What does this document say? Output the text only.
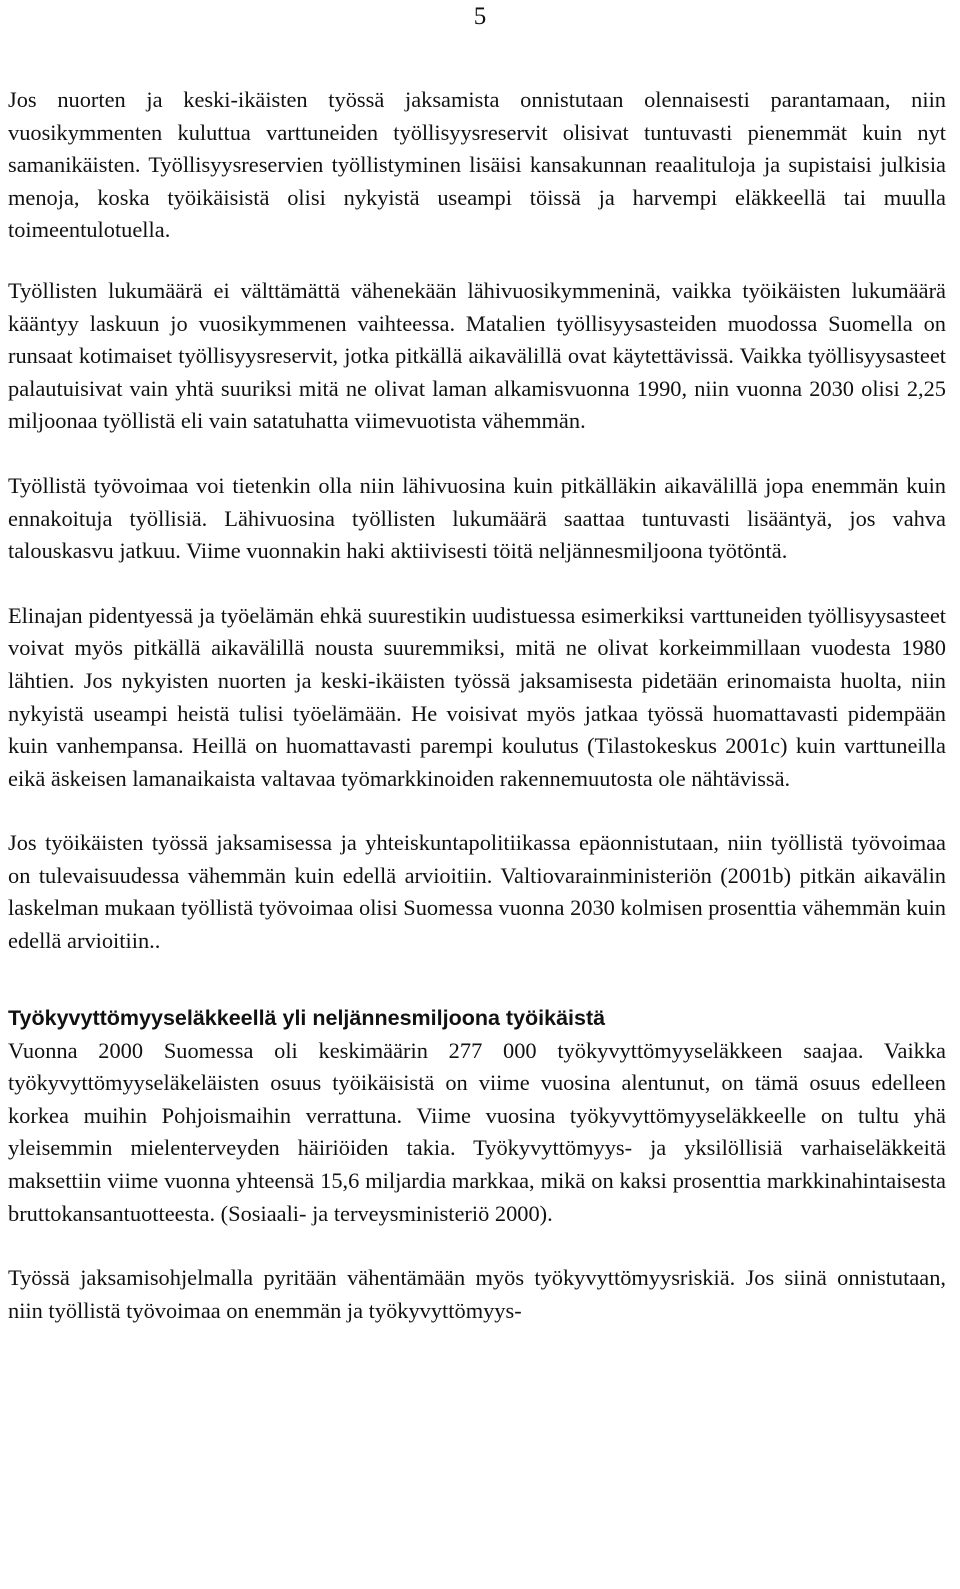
5

Jos nuorten ja keski-ikäisten työssä jaksamista onnistutaan olennaisesti parantamaan, niin vuosikymmenten kuluttua varttuneiden työllisyysreservit olisivat tuntuvasti pienemmät kuin nyt samanikäisten. Työllisyysreservien työllistyminen lisäisi kansakunnan reaalituloja ja supistaisi julkisia menoja, koska työikäisistä olisi nykyistä useampi töissä ja harvempi eläkkeellä tai muulla toimeentulotuella.

Työllisten lukumäärä ei välttämättä vähenekään lähivuosikymmeninä, vaikka työikäisten lukumäärä kääntyy laskuun jo vuosikymmenen vaihteessa. Matalien työllisyysasteiden muodossa Suomella on runsaat kotimaiset työllisyysreservit, jotka pitkällä aikavälillä ovat käytettävissä. Vaikka työllisyysasteet palautuisivat vain yhtä suuriksi mitä ne olivat laman alkamisvuonna 1990, niin vuonna 2030 olisi 2,25 miljoonaa työllistä eli vain satatuhatta viimevuotista vähemmän.

Työllistä työvoimaa voi tietenkin olla niin lähivuosina kuin pitkälläkin aikavälillä jopa enemmän kuin ennakoituja työllisiä. Lähivuosina työllisten lukumäärä saattaa tuntuvasti lisääntyä, jos vahva talouskasvu jatkuu. Viime vuonnakin haki aktiivisesti töitä neljännesmiljoona työtöntä.

Elinajan pidentyessä ja työelämän ehkä suurestikin uudistuessa esimerkiksi varttuneiden työllisyysasteet voivat myös pitkällä aikavälillä nousta suuremmiksi, mitä ne olivat korkeimmillaan vuodesta 1980 lähtien. Jos nykyisten nuorten ja keski-ikäisten työssä jaksamisesta pidetään erinomaista huolta, niin nykyistä useampi heistä tulisi työelämään. He voisivat myös jatkaa työssä huomattavasti pidempään kuin vanhempansa. Heillä on huomattavasti parempi koulutus (Tilastokeskus 2001c) kuin varttuneilla eikä äskeisen lamanaikaista valtavaa työmarkkinoiden rakennemuutosta ole nähtävissä.

Jos työikäisten työssä jaksamisessa ja yhteiskuntapolitiikassa epäonnistutaan, niin työllistä työvoimaa on tulevaisuudessa vähemmän kuin edellä arvioitiin. Valtiovarainministeriön (2001b) pitkän aikavälin laskelman mukaan työllistä työvoimaa olisi Suomessa vuonna 2030 kolmisen prosenttia vähemmän kuin edellä arvioitiin..

Työkyvyttömyyseläkkeellä yli neljännesmiljoona työikäistä

Vuonna 2000 Suomessa oli keskimäärin 277 000 työkyvyttömyyseläkkeen saajaa. Vaikka työkyvyttömyyseläkeläisten osuus työikäisistä on viime vuosina alentunut, on tämä osuus edelleen korkea muihin Pohjoismaihin verrattuna. Viime vuosina työkyvyttömyyseläkkeelle on tultu yhä yleisemmin mielenterveyden häiriöiden takia. Työkyvyttömyys- ja yksilöllisiä varhaiseläkkeitä maksettiin viime vuonna yhteensä 15,6 miljardia markkaa, mikä on kaksi prosenttia markkinahintaisesta bruttokansantuotteesta. (Sosiaali- ja terveysministeriö 2000).

Työssä jaksamisohjelmalla pyritään vähentämään myös työkyvyttömyysriskiä. Jos siinä onnistutaan, niin työllistä työvoimaa on enemmän ja työkyvyttömyys-
